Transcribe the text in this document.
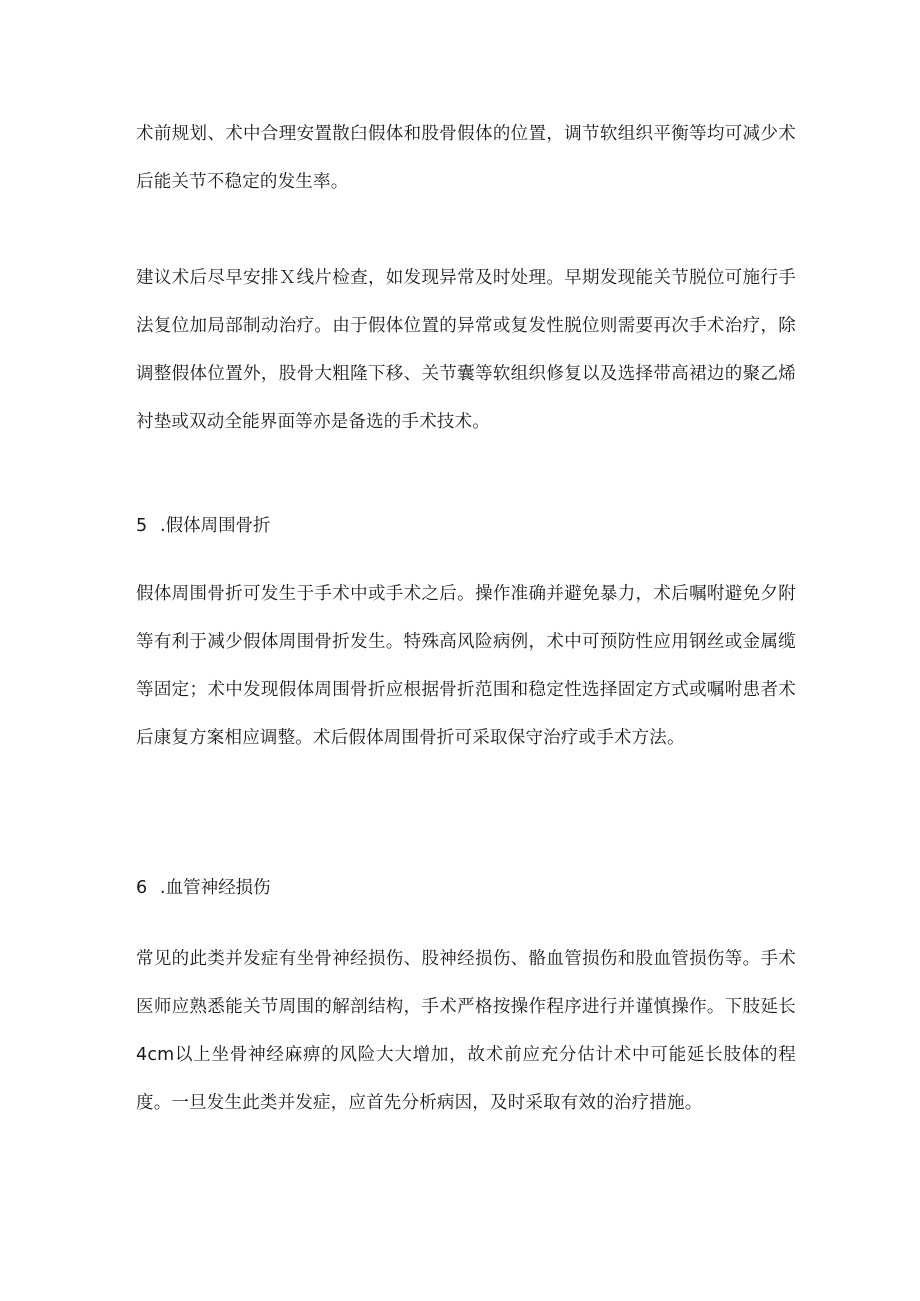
术前规划、术中合理安置散臼假体和股骨假体的位置，调节软组织平衡等均可减少术后能关节不稳定的发生率。

建议术后尽早安排Ｘ线片检查，如发现异常及时处理。早期发现能关节脱位可施行手法复位加局部制动治疗。由于假体位置的异常或复发性脱位则需要再次手术治疗，除调整假体位置外，股骨大粗隆下移、关节囊等软组织修复以及选择带高裙边的聚乙烯衬垫或双动全能界面等亦是备选的手术技术。

5 .假体周围骨折

假体周围骨折可发生于手术中或手术之后。操作准确并避免暴力，术后嘱咐避免夕附等有利于减少假体周围骨折发生。特殊高风险病例，术中可预防性应用钢丝或金属缆等固定；术中发现假体周围骨折应根据骨折范围和稳定性选择固定方式或嘱咐患者术后康复方案相应调整。术后假体周围骨折可采取保守治疗或手术方法。

6 .血管神经损伤

常见的此类并发症有坐骨神经损伤、股神经损伤、骼血管损伤和股血管损伤等。手术医师应熟悉能关节周围的解剖结构，手术严格按操作程序进行并谨慎操作。下肢延长4cm以上坐骨神经麻痹的风险大大增加，故术前应充分估计术中可能延长肢体的程度。一旦发生此类并发症，应首先分析病因，及时采取有效的治疗措施。
